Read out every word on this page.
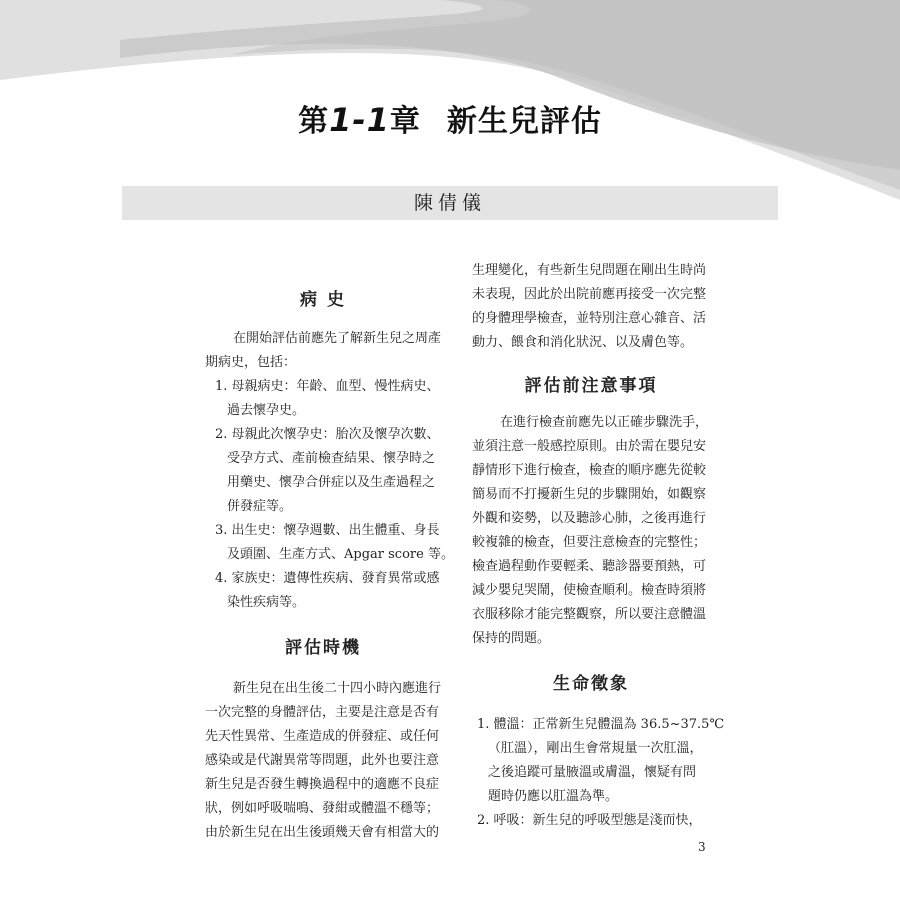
第1-1章 新生兒評估
陳倩儀
病 史
在開始評估前應先了解新生兒之周產
期病史，包括：
1. 母親病史：年齡、血型、慢性病史、
過去懷孕史。
2. 母親此次懷孕史：胎次及懷孕次數、
受孕方式、產前檢查結果、懷孕時之
用藥史、懷孕合併症以及生產過程之
併發症等。
3. 出生史：懷孕週數、出生體重、身長
及頭圍、生產方式、Apgar score 等。
4. 家族史：遺傳性疾病、發育異常或感
染性疾病等。
評估時機
新生兒在出生後二十四小時內應進行
一次完整的身體評估，主要是注意是否有
先天性異常、生產造成的併發症、或任何
感染或是代謝異常等問題，此外也要注意
新生兒是否發生轉換過程中的適應不良症
狀，例如呼吸喘鳴、發紺或體溫不穩等；
由於新生兒在出生後頭幾天會有相當大的
生理變化，有些新生兒問題在剛出生時尚
未表現，因此於出院前應再接受一次完整
的身體理學檢查，並特別注意心雜音、活
動力、餵食和消化狀況、以及膚色等。
評估前注意事項
在進行檢查前應先以正確步驟洗手，
並須注意一般感控原則。由於需在嬰兒安
靜情形下進行檢查，檢查的順序應先從較
簡易而不打擾新生兒的步驟開始，如觀察
外觀和姿勢，以及聽診心肺，之後再進行
較複雜的檢查，但要注意檢查的完整性；
檢查過程動作要輕柔、聽診器要預熱，可
減少嬰兒哭鬧，使檢查順利。檢查時須將
衣服移除才能完整觀察，所以要注意體溫
保持的問題。
生命徵象
1. 體溫：正常新生兒體溫為 36.5~37.5℃
（肛溫），剛出生會常規量一次肛溫，
之後追蹤可量腋溫或膚溫，懷疑有問
題時仍應以肛溫為準。
2. 呼吸：新生兒的呼吸型態是淺而快，
3
